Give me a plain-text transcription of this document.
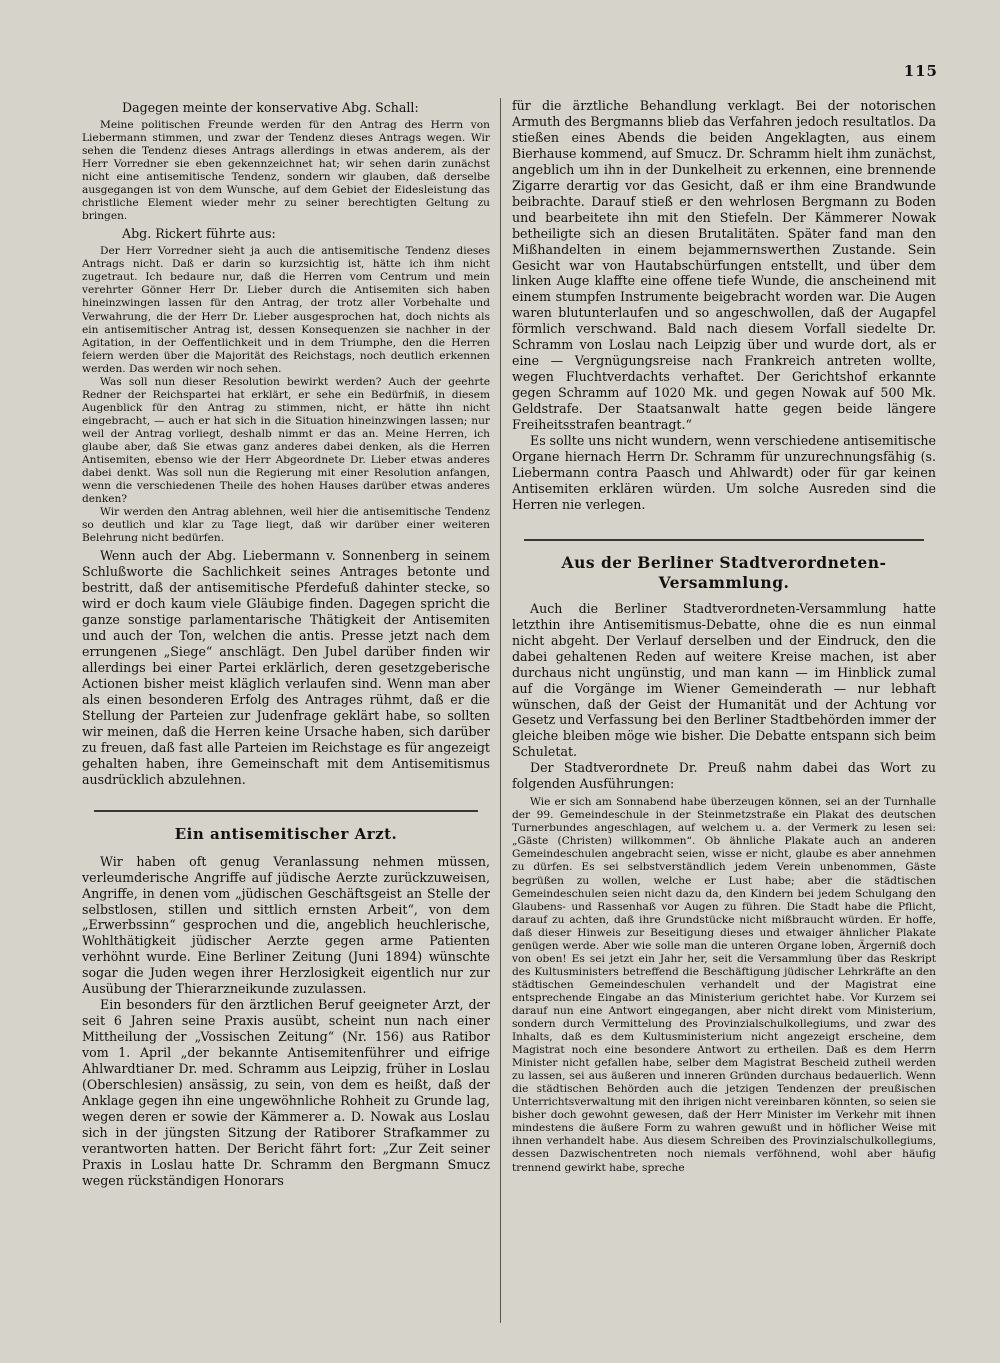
115

Dagegen meinte der konservative Abg. Schall:

Meine politischen Freunde werden für den Antrag des Herrn von Liebermann stimmen, und zwar der Tendenz dieses Antrags wegen. Wir sehen die Tendenz dieses Antrags allerdings in etwas anderem, als der Herr Vorredner sie eben gekennzeichnet hat; wir sehen darin zunächst nicht eine antisemitische Tendenz, sondern wir glauben, daß derselbe ausgegangen ist von dem Wunsche, auf dem Gebiet der Eidesleistung das christliche Element wieder mehr zu seiner berechtigten Geltung zu bringen.

Abg. Rickert führte aus:

Der Herr Vorredner sieht ja auch die antisemitische Tendenz dieses Antrags nicht. Daß er darin so kurzsichtig ist, hätte ich ihm nicht zugetraut. Ich bedaure nur, daß die Herren vom Centrum und mein verehrter Gönner Herr Dr. Lieber durch die Antisemiten sich haben hineinzwingen lassen für den Antrag, der trotz aller Vorbehalte und Verwahrung, die der Herr Dr. Lieber ausgesprochen hat, doch nichts als ein antisemitischer Antrag ist, dessen Konsequenzen sie nachher in der Agitation, in der Oeffentlichkeit und in dem Triumphe, den die Herren feiern werden über die Majorität des Reichstags, noch deutlich erkennen werden. Das werden wir noch sehen.

Was soll nun dieser Resolution bewirkt werden? Auch der geehrte Redner der Reichspartei hat erklärt, er sehe ein Bedürfniß, in diesem Augenblick für den Antrag zu stimmen, nicht, er hätte ihn nicht eingebracht, — auch er hat sich in die Situation hineinzwingen lassen; nur weil der Antrag vorliegt, deshalb nimmt er das an. Meine Herren, ich glaube aber, daß Sie etwas ganz anderes dabei denken, als die Herren Antisemiten, ebenso wie der Herr Abgeordnete Dr. Lieber etwas anderes dabei denkt. Was soll nun die Regierung mit einer Resolution anfangen, wenn die verschiedenen Theile des hohen Hauses darüber etwas anderes denken?

Wir werden den Antrag ablehnen, weil hier die antisemitische Tendenz so deutlich und klar zu Tage liegt, daß wir darüber einer weiteren Belehrung nicht bedürfen.

Wenn auch der Abg. Liebermann v. Sonnenberg in seinem Schlußworte die Sachlichkeit seines Antrages betonte und bestritt, daß der antisemitische Pferdefuß dahinter stecke, so wird er doch kaum viele Gläubige finden. Dagegen spricht die ganze sonstige parlamentarische Thätigkeit der Antisemiten und auch der Ton, welchen die antis. Presse jetzt nach dem errungenen „Siege“ anschlägt. Den Jubel darüber finden wir allerdings bei einer Partei erklärlich, deren gesetzgeberische Actionen bisher meist kläglich verlaufen sind. Wenn man aber als einen besonderen Erfolg des Antrages rühmt, daß er die Stellung der Parteien zur Judenfrage geklärt habe, so sollten wir meinen, daß die Herren keine Ursache haben, sich darüber zu freuen, daß fast alle Parteien im Reichstage es für angezeigt gehalten haben, ihre Gemeinschaft mit dem Antisemitismus ausdrücklich abzulehnen.

Ein antisemitischer Arzt.

Wir haben oft genug Veranlassung nehmen müssen, verleumderische Angriffe auf jüdische Aerzte zurückzuweisen, Angriffe, in denen vom „jüdischen Geschäftsgeist an Stelle der selbstlosen, stillen und sittlich ernsten Arbeit“, von dem „Erwerbssinn“ gesprochen und die, angeblich heuchlerische, Wohlthätigkeit jüdischer Aerzte gegen arme Patienten verhöhnt wurde. Eine Berliner Zeitung (Juni 1894) wünschte sogar die Juden wegen ihrer Herzlosigkeit eigentlich nur zur Ausübung der Thierarzneikunde zuzulassen.

Ein besonders für den ärztlichen Beruf geeigneter Arzt, der seit 6 Jahren seine Praxis ausübt, scheint nun nach einer Mittheilung der „Vossischen Zeitung“ (Nr. 156) aus Ratibor vom 1. April „der bekannte Antisemitenführer und eifrige Ahlwardtianer Dr. med. Schramm aus Leipzig, früher in Loslau (Oberschlesien) ansässig, zu sein, von dem es heißt, daß der Anklage gegen ihn eine ungewöhnliche Rohheit zu Grunde lag, wegen deren er sowie der Kämmerer a. D. Nowak aus Loslau sich in der jüngsten Sitzung der Ratiborer Strafkammer zu verantworten hatten. Der Bericht fährt fort: „Zur Zeit seiner Praxis in Loslau hatte Dr. Schramm den Bergmann Smucz wegen rückständigen Honorars

für die ärztliche Behandlung verklagt. Bei der notorischen Armuth des Bergmanns blieb das Verfahren jedoch resultatlos. Da stießen eines Abends die beiden Angeklagten, aus einem Bierhause kommend, auf Smucz. Dr. Schramm hielt ihm zunächst, angeblich um ihn in der Dunkelheit zu erkennen, eine brennende Zigarre derartig vor das Gesicht, daß er ihm eine Brandwunde beibrachte. Darauf stieß er den wehrlosen Bergmann zu Boden und bearbeitete ihn mit den Stiefeln. Der Kämmerer Nowak betheiligte sich an diesen Brutalitäten. Später fand man den Mißhandelten in einem bejammernswerthen Zustande. Sein Gesicht war von Hautabschürfungen entstellt, und über dem linken Auge klaffte eine offene tiefe Wunde, die anscheinend mit einem stumpfen Instrumente beigebracht worden war. Die Augen waren blutunterlaufen und so angeschwollen, daß der Augapfel förmlich verschwand. Bald nach diesem Vorfall siedelte Dr. Schramm von Loslau nach Leipzig über und wurde dort, als er eine — Vergnügungsreise nach Frankreich antreten wollte, wegen Fluchtverdachts verhaftet. Der Gerichtshof erkannte gegen Schramm auf 1020 Mk. und gegen Nowak auf 500 Mk. Geldstrafe. Der Staatsanwalt hatte gegen beide längere Freiheitsstrafen beantragt.“

Es sollte uns nicht wundern, wenn verschiedene antisemitische Organe hiernach Herrn Dr. Schramm für unzurechnungsfähig (s. Liebermann contra Paasch und Ahlwardt) oder für gar keinen Antisemiten erklären würden. Um solche Ausreden sind die Herren nie verlegen.

Aus der Berliner Stadtverordneten-Versammlung.

Auch die Berliner Stadtverordneten-Versammlung hatte letzthin ihre Antisemitismus-Debatte, ohne die es nun einmal nicht abgeht. Der Verlauf derselben und der Eindruck, den die dabei gehaltenen Reden auf weitere Kreise machen, ist aber durchaus nicht ungünstig, und man kann — im Hinblick zumal auf die Vorgänge im Wiener Gemeinderath — nur lebhaft wünschen, daß der Geist der Humanität und der Achtung vor Gesetz und Verfassung bei den Berliner Stadtbehörden immer der gleiche bleiben möge wie bisher. Die Debatte entspann sich beim Schuletat.

Der Stadtverordnete Dr. Preuß nahm dabei das Wort zu folgenden Ausführungen:

Wie er sich am Sonnabend habe überzeugen können, sei an der Turnhalle der 99. Gemeindeschule in der Steinmetzstraße ein Plakat des deutschen Turnerbundes angeschlagen, auf welchem u. a. der Vermerk zu lesen sei: „Gäste (Christen) willkommen“. Ob ähnliche Plakate auch an anderen Gemeindeschulen angebracht seien, wisse er nicht, glaube es aber annehmen zu dürfen. Es sei selbstverständlich jedem Verein unbenommen, Gäste begrüßen zu wollen, welche er Lust habe; aber die städtischen Gemeindeschulen seien nicht dazu da, den Kindern bei jedem Schulgang den Glaubens- und Rassenhaß vor Augen zu führen. Die Stadt habe die Pflicht, darauf zu achten, daß ihre Grundstücke nicht mißbraucht würden. Er hoffe, daß dieser Hinweis zur Beseitigung dieses und etwaiger ähnlicher Plakate genügen werde. Aber wie solle man die unteren Organe loben, Ärgerniß doch von oben! Es sei jetzt ein Jahr her, seit die Versammlung über das Reskript des Kultusministers betreffend die Beschäftigung jüdischer Lehrkräfte an den städtischen Gemeindeschulen verhandelt und der Magistrat eine entsprechende Eingabe an das Ministerium gerichtet habe. Vor Kurzem sei darauf nun eine Antwort eingegangen, aber nicht direkt vom Ministerium, sondern durch Vermittelung des Provinzialschulkollegiums, und zwar des Inhalts, daß es dem Kultusministerium nicht angezeigt erscheine, dem Magistrat noch eine besondere Antwort zu ertheilen. Daß es dem Herrn Minister nicht gefallen habe, selber dem Magistrat Bescheid zutheil werden zu lassen, sei aus äußeren und inneren Gründen durchaus bedauerlich. Wenn die städtischen Behörden auch die jetzigen Tendenzen der preußischen Unterrichtsverwaltung mit den ihrigen nicht vereinbaren könnten, so seien sie bisher doch gewohnt gewesen, daß der Herr Minister im Verkehr mit ihnen mindestens die äußere Form zu wahren gewußt und in höflicher Weise mit ihnen verhandelt habe. Aus diesem Schreiben des Provinzialschulkollegiums, dessen Dazwischentreten noch niemals verföhnend, wohl aber häufig trennend gewirkt habe, spreche
